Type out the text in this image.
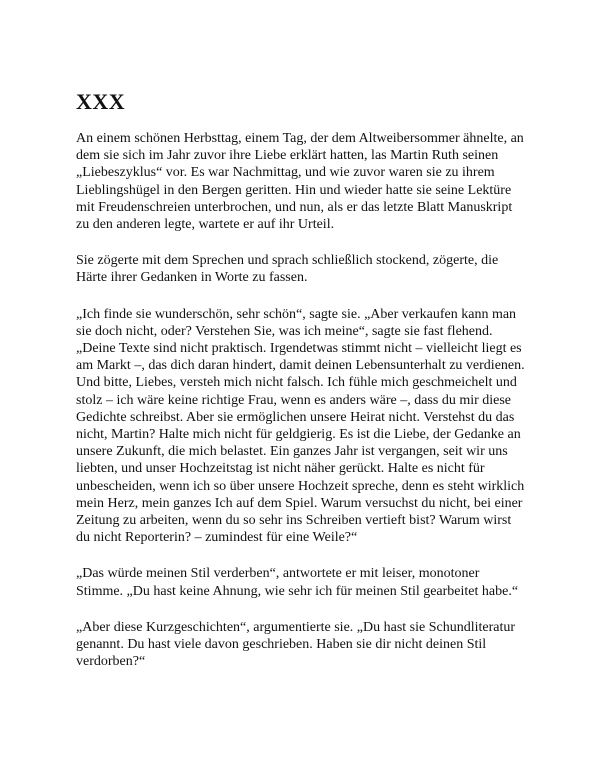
XXX

An einem schönen Herbsttag, einem Tag, der dem Altweibersommer ähnelte, an dem sie sich im Jahr zuvor ihre Liebe erklärt hatten, las Martin Ruth seinen „Liebeszyklus“ vor. Es war Nachmittag, und wie zuvor waren sie zu ihrem Lieblingshügel in den Bergen geritten. Hin und wieder hatte sie seine Lektüre mit Freudenschreien unterbrochen, und nun, als er das letzte Blatt Manuskript zu den anderen legte, wartete er auf ihr Urteil.

Sie zögerte mit dem Sprechen und sprach schließlich stockend, zögerte, die Härte ihrer Gedanken in Worte zu fassen.

„Ich finde sie wunderschön, sehr schön“, sagte sie. „Aber verkaufen kann man sie doch nicht, oder? Verstehen Sie, was ich meine“, sagte sie fast flehend. „Deine Texte sind nicht praktisch. Irgendetwas stimmt nicht – vielleicht liegt es am Markt –, das dich daran hindert, damit deinen Lebensunterhalt zu verdienen. Und bitte, Liebes, versteh mich nicht falsch. Ich fühle mich geschmeichelt und stolz – ich wäre keine richtige Frau, wenn es anders wäre –, dass du mir diese Gedichte schreibst. Aber sie ermöglichen unsere Heirat nicht. Verstehst du das nicht, Martin? Halte mich nicht für geldgierig. Es ist die Liebe, der Gedanke an unsere Zukunft, die mich belastet. Ein ganzes Jahr ist vergangen, seit wir uns liebten, und unser Hochzeitstag ist nicht näher gerückt. Halte es nicht für unbescheiden, wenn ich so über unsere Hochzeit spreche, denn es steht wirklich mein Herz, mein ganzes Ich auf dem Spiel. Warum versuchst du nicht, bei einer Zeitung zu arbeiten, wenn du so sehr ins Schreiben vertieft bist? Warum wirst du nicht Reporterin? – zumindest für eine Weile?“

„Das würde meinen Stil verderben“, antwortete er mit leiser, monotoner Stimme. „Du hast keine Ahnung, wie sehr ich für meinen Stil gearbeitet habe.“

„Aber diese Kurzgeschichten“, argumentierte sie. „Du hast sie Schundliteratur genannt. Du hast viele davon geschrieben. Haben sie dir nicht deinen Stil verdorben?“
